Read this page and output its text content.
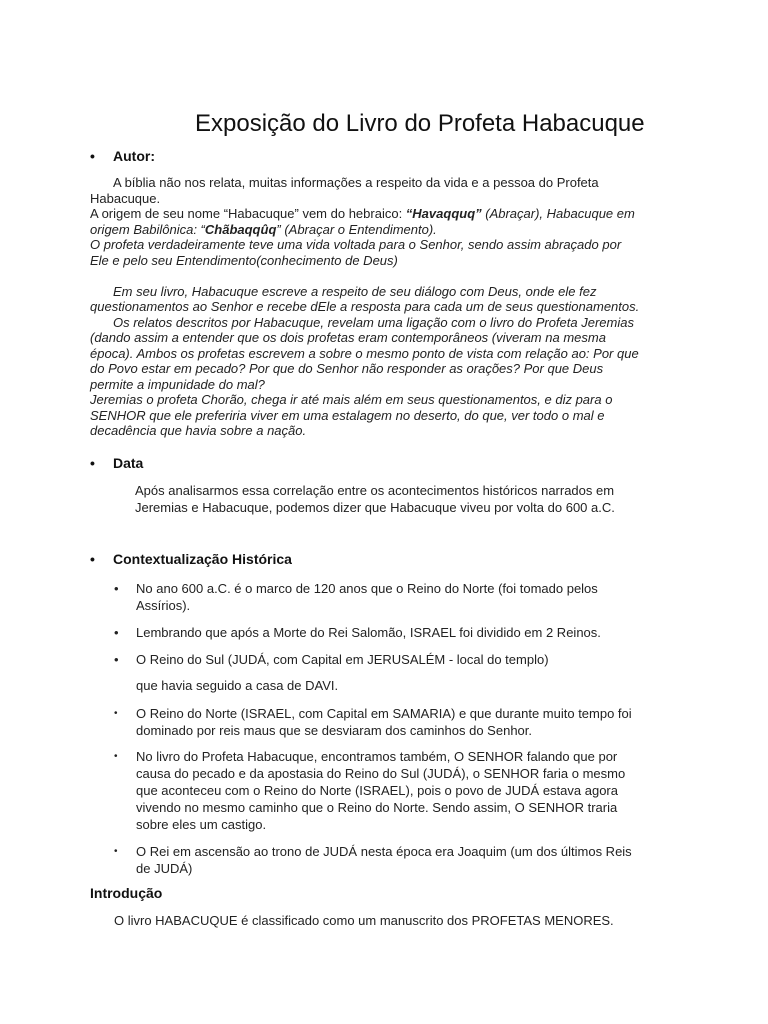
Exposição do Livro do Profeta Habacuque
• Autor:
A bíblia não nos relata, muitas informações a respeito da vida e a pessoa do Profeta
Habacuque.
A origem de seu nome “Habacuque” vem do hebraico: “Havaqquq” (Abraçar), Habacuque em
origem Babilônica: “Chãbaqqûq” (Abraçar o Entendimento).
O profeta verdadeiramente teve uma vida voltada para o Senhor, sendo assim abraçado por
Ele e pelo seu Entendimento(conhecimento de Deus)
Em seu livro, Habacuque escreve a respeito de seu diálogo com Deus, onde ele fez
questionamentos ao Senhor e recebe dEle a resposta para cada um de seus questionamentos.
Os relatos descritos por Habacuque, revelam uma ligação com o livro do Profeta Jeremias
(dando assim a entender que os dois profetas eram contemporâneos (viveram na mesma
época). Ambos os profetas escrevem a sobre o mesmo ponto de vista com relação ao: Por que
do Povo estar em pecado? Por que do Senhor não responder as orações? Por que Deus
permite a impunidade do mal?
Jeremias o profeta Chorão, chega ir até mais além em seus questionamentos, e diz para o
SENHOR que ele preferiria viver em uma estalagem no deserto, do que, ver todo o mal e
decadência que havia sobre a nação.
• Data
Após analisarmos essa correlação entre os acontecimentos históricos narrados em
Jeremias e Habacuque, podemos dizer que Habacuque viveu por volta do 600 a.C.
• Contextualização Histórica
•	No ano 600 a.C. é o marco de 120 anos que o Reino do Norte (foi tomado pelos
Assírios).
•	Lembrando que após a Morte do Rei Salomão, ISRAEL foi dividido em 2 Reinos.
•	O Reino do Sul (JUDÁ, com Capital em JERUSALÉM - local do templo)
que havia seguido a casa de DAVI.
•	O Reino do Norte (ISRAEL, com Capital em SAMARIA) e que durante muito tempo foi
dominado por reis maus que se desviaram dos caminhos do Senhor.
•	No livro do Profeta Habacuque, encontramos também, O SENHOR falando que por
causa do pecado e da apostasia do Reino do Sul (JUDÁ), o SENHOR faria o mesmo
que aconteceu com o Reino do Norte (ISRAEL), pois o povo de JUDÁ estava agora
vivendo no mesmo caminho que o Reino do Norte. Sendo assim, O SENHOR traria
sobre eles um castigo.
•	O Rei em ascensão ao trono de JUDÁ nesta época era Joaquim (um dos últimos Reis
de JUDÁ)
Introdução
O livro HABACUQUE é classificado como um manuscrito dos PROFETAS MENORES.
